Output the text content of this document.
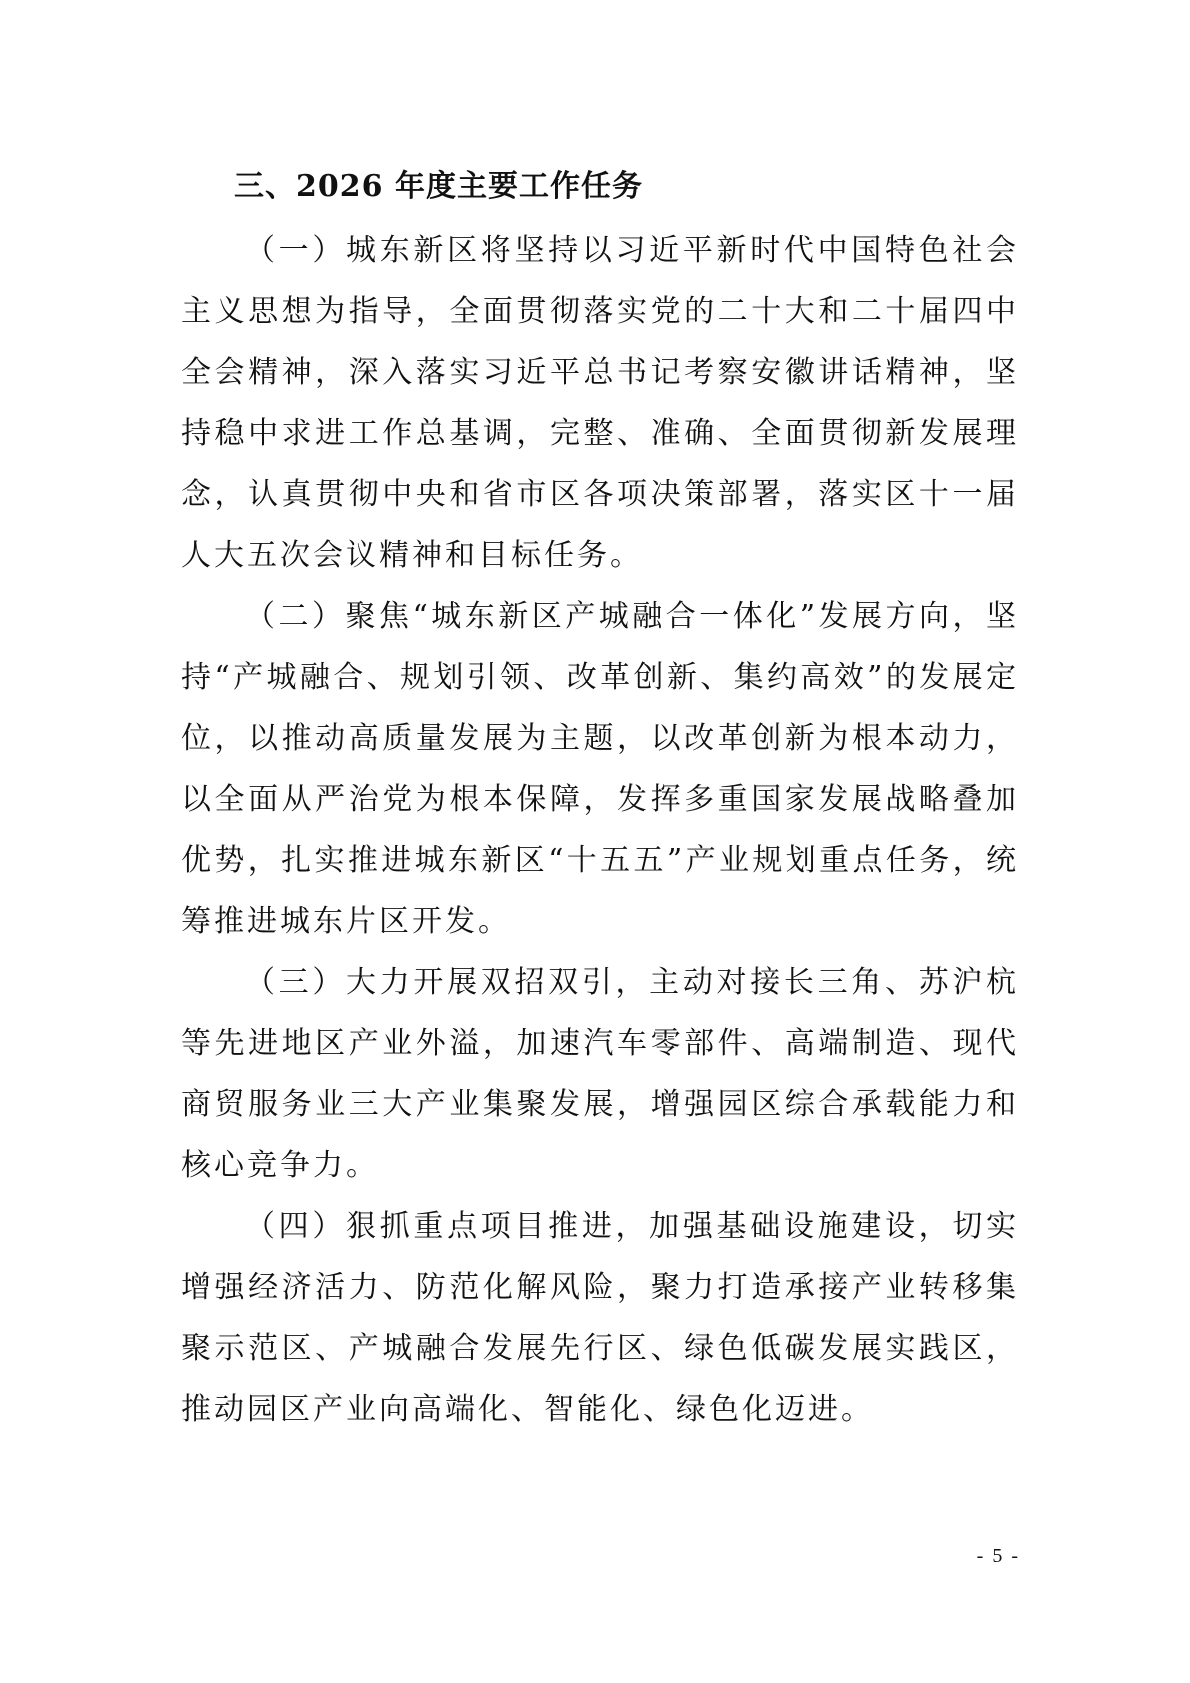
三、2026 年度主要工作任务

（一）城东新区将坚持以习近平新时代中国特色社会主义思想为指导，全面贯彻落实党的二十大和二十届四中全会精神，深入落实习近平总书记考察安徽讲话精神，坚持稳中求进工作总基调，完整、准确、全面贯彻新发展理念，认真贯彻中央和省市区各项决策部署，落实区十一届人大五次会议精神和目标任务。

（二）聚焦“城东新区产城融合一体化”发展方向，坚持“产城融合、规划引领、改革创新、集约高效”的发展定位，以推动高质量发展为主题，以改革创新为根本动力，以全面从严治党为根本保障，发挥多重国家发展战略叠加优势，扎实推进城东新区“十五五”产业规划重点任务，统筹推进城东片区开发。

（三）大力开展双招双引，主动对接长三角、苏沪杭等先进地区产业外溢，加速汽车零部件、高端制造、现代商贸服务业三大产业集聚发展，增强园区综合承载能力和核心竞争力。

（四）狠抓重点项目推进，加强基础设施建设，切实增强经济活力、防范化解风险，聚力打造承接产业转移集聚示范区、产城融合发展先行区、绿色低碳发展实践区，推动园区产业向高端化、智能化、绿色化迈进。

- 5 -
